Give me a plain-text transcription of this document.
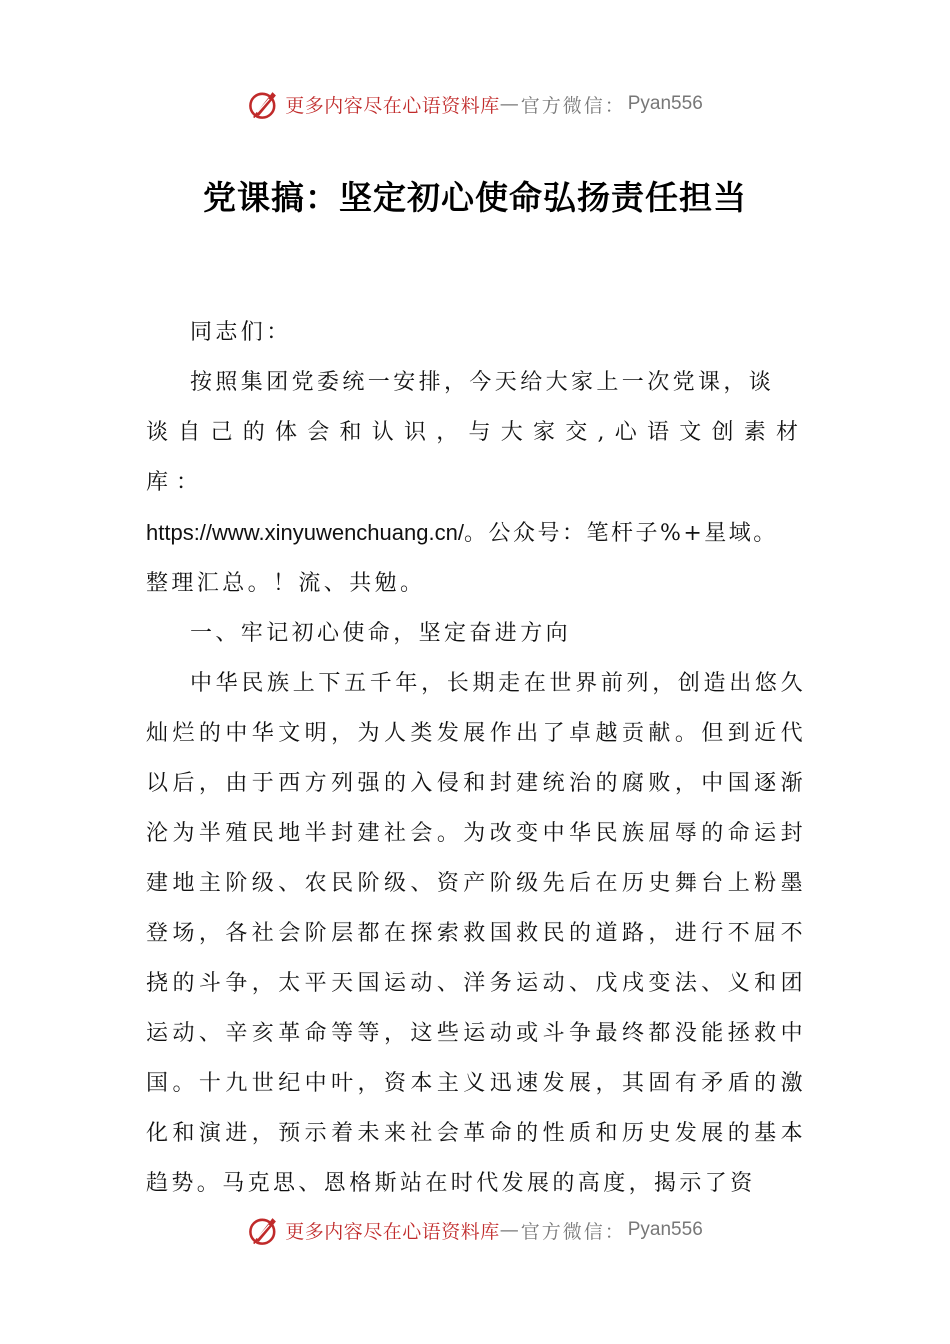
更多内容尽在心语资料库 — 官方微信： Pyan556
党课搞：坚定初心使命弘扬责任担当

同志们：

按照集团党委统一安排，今天给大家上一次党课，谈

谈自己的体会和认识，与大家交,心语文创素材库：

https://www.xinyuwenchuang.cn/。公众号：笔杆子%+星域。

整理汇总。！流、共勉。

一、牢记初心使命，坚定奋进方向

中华民族上下五千年，长期走在世界前列，创造出悠久灿烂的中华文明，为人类发展作出了卓越贡献。但到近代以后，由于西方列强的入侵和封建统治的腐败，中国逐渐沦为半殖民地半封建社会。为改变中华民族屈辱的命运封建地主阶级、农民阶级、资产阶级先后在历史舞台上粉墨登场，各社会阶层都在探索救国救民的道路，进行不屈不挠的斗争，太平天国运动、洋务运动、戊戌变法、义和团运动、辛亥革命等等，这些运动或斗争最终都没能拯救中国。十九世纪中叶，资本主义迅速发展，其固有矛盾的激化和演进，预示着未来社会革命的性质和历史发展的基本趋势。马克思、恩格斯站在时代发展的高度，揭示了资

更多内容尽在心语资料库 — 官方微信： Pyan556
